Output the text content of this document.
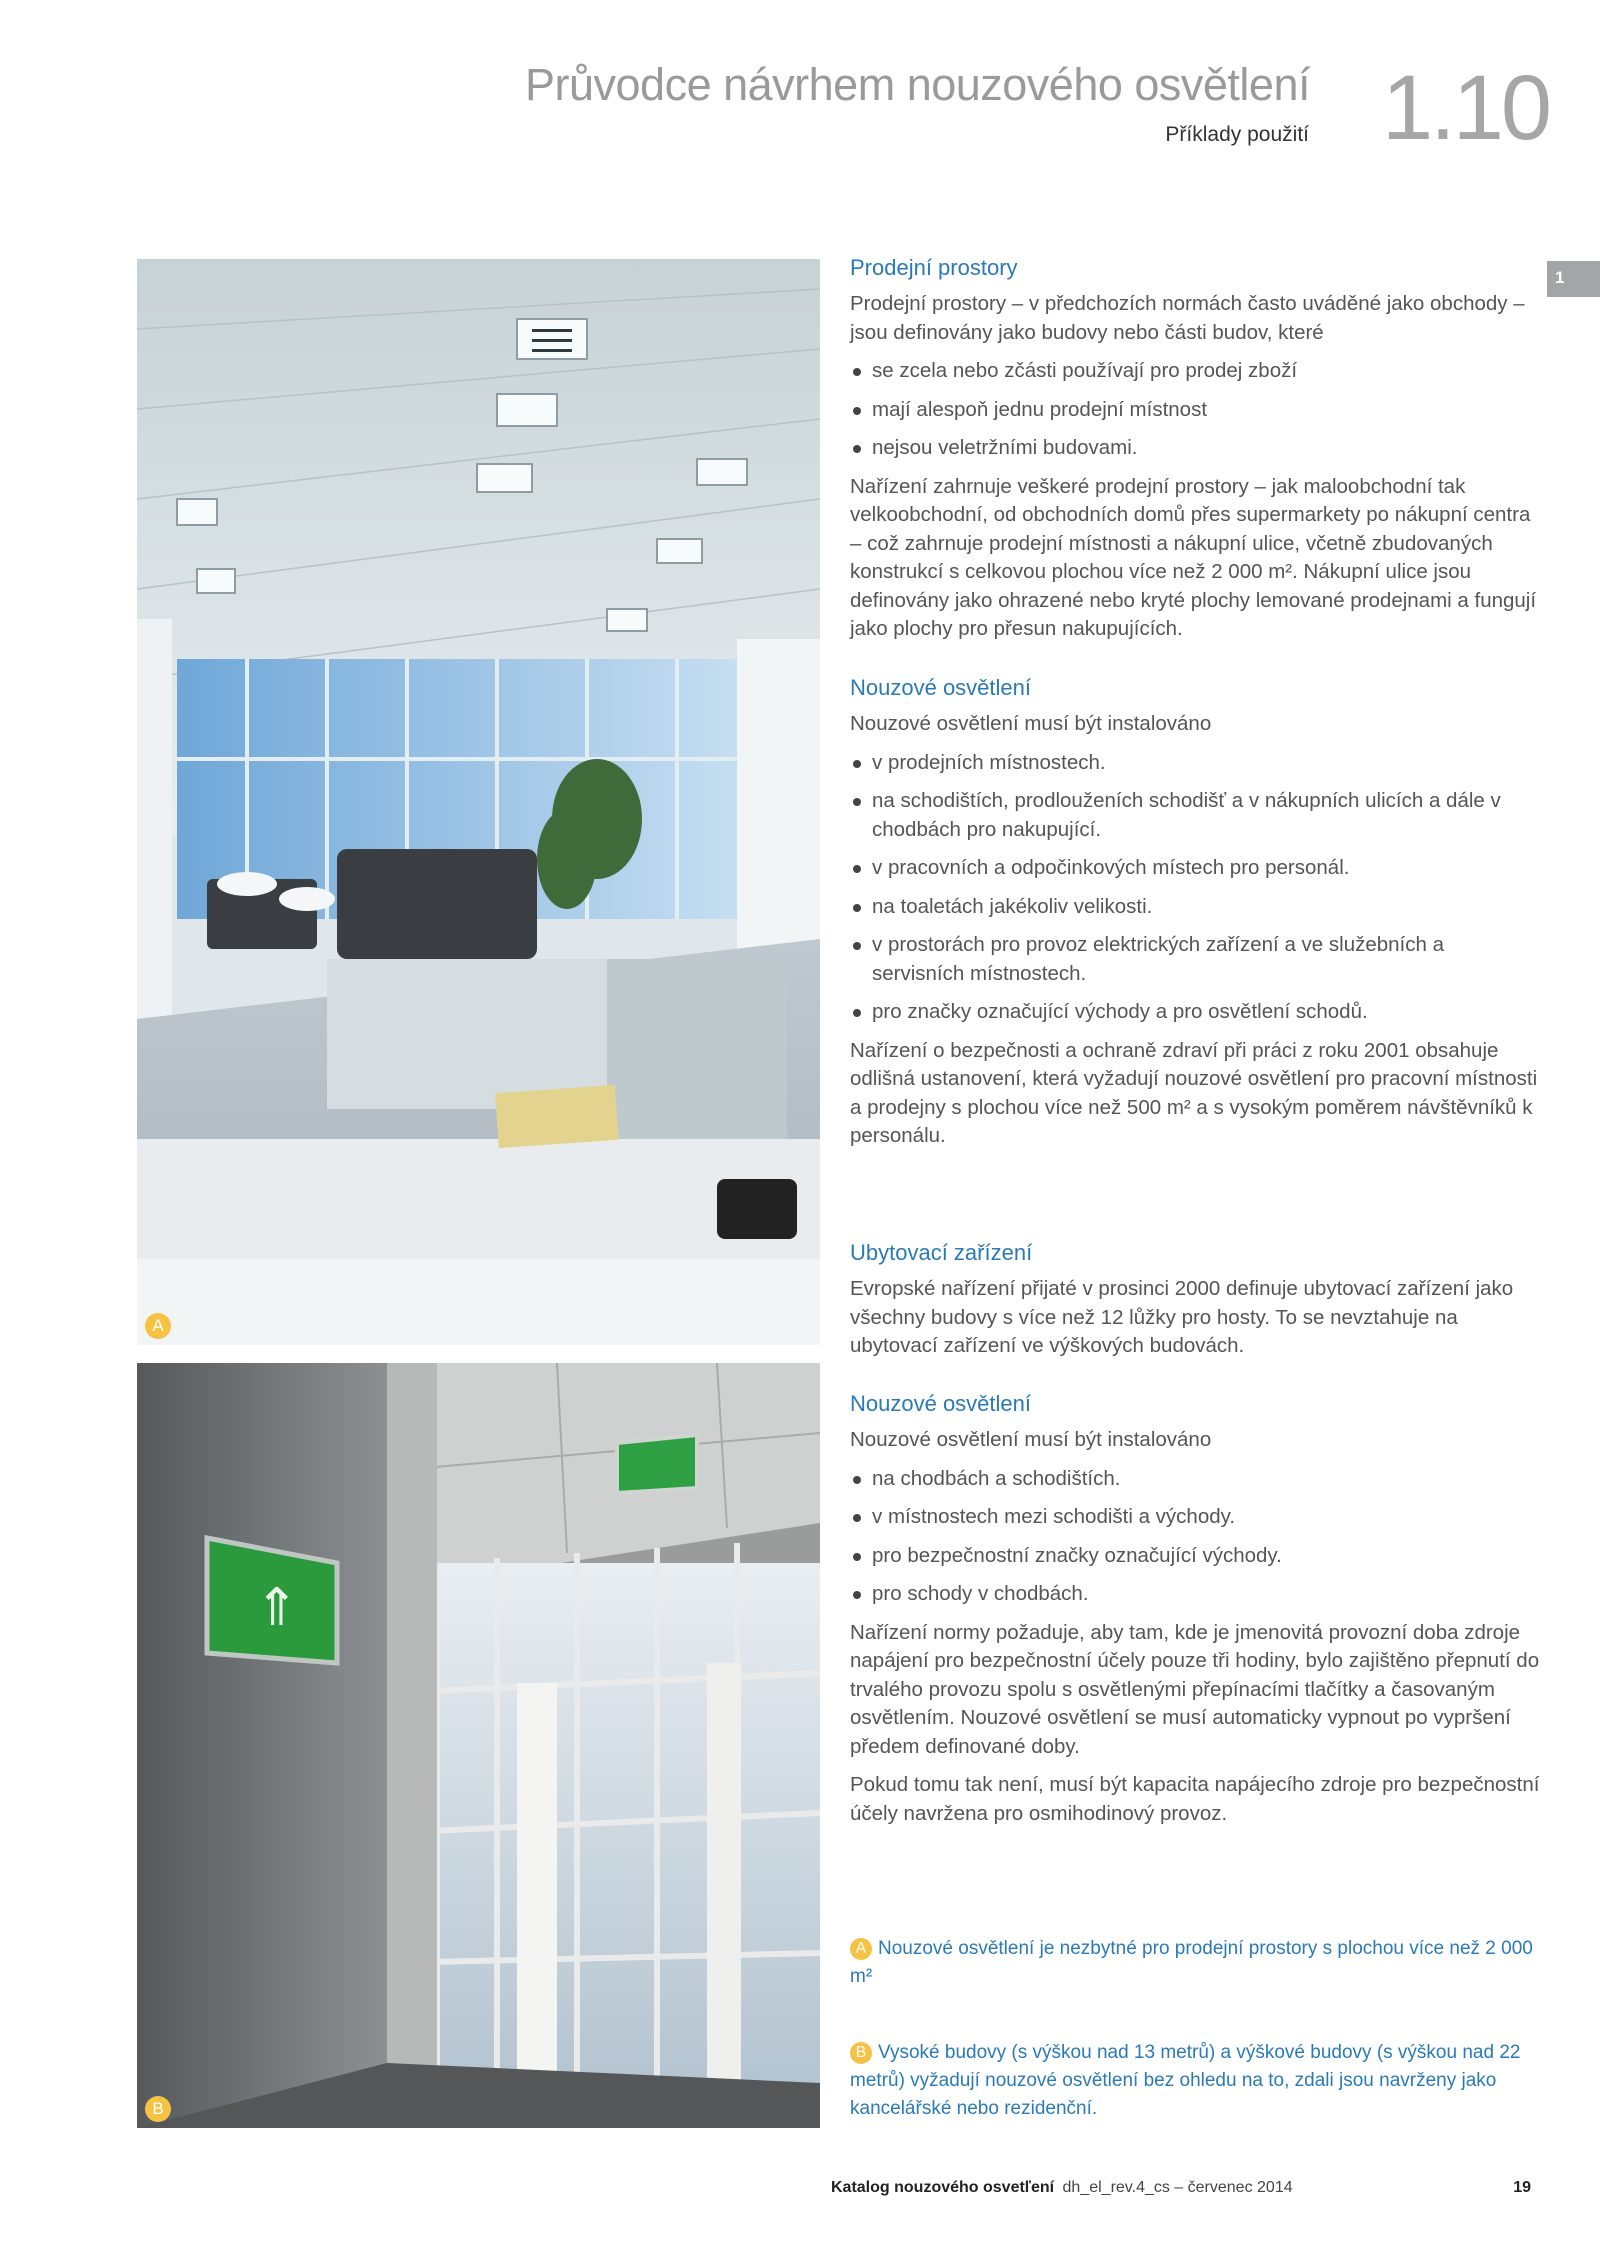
Průvodce návrhem nouzového osvětlení
Příklady použití 1.10
1
A
⇑
B
Prodejní prostory

Prodejní prostory – v předchozích normách často uváděné jako obchody – jsou definovány jako budovy nebo části budov, které

se zcela nebo zčásti používají pro prodej zboží
mají alespoň jednu prodejní místnost
nejsou veletržními budovami.

Nařízení zahrnuje veškeré prodejní prostory – jak maloobchodní tak velkoobchodní, od obchodních domů přes supermarkety po nákupní centra – což zahrnuje prodejní místnosti a nákupní ulice, včetně zbudovaných konstrukcí s celkovou plochou více než 2 000 m². Nákupní ulice jsou definovány jako ohrazené nebo kryté plochy lemované prodejnami a fungují jako plochy pro přesun nakupujících.

Nouzové osvětlení

Nouzové osvětlení musí být instalováno

v prodejních místnostech.
na schodištích, prodlouženích schodišť a v nákupních ulicích a dále v chodbách pro nakupující.
v pracovních a odpočinkových místech pro personál.
na toaletách jakékoliv velikosti.
v prostorách pro provoz elektrických zařízení a ve služebních a servisních místnostech.
pro značky označující východy a pro osvětlení schodů.

Nařízení o bezpečnosti a ochraně zdraví při práci z roku 2001 obsahuje odlišná ustanovení, která vyžadují nouzové osvětlení pro pracovní místnosti a prodejny s plochou více než 500 m² a s vysokým poměrem návštěvníků k personálu.

Ubytovací zařízení

Evropské nařízení přijaté v prosinci 2000 definuje ubytovací zařízení jako všechny budovy s více než 12 lůžky pro hosty. To se nevztahuje na ubytovací zařízení ve výškových budovách.

Nouzové osvětlení

Nouzové osvětlení musí být instalováno

na chodbách a schodištích.
v místnostech mezi schodišti a východy.
pro bezpečnostní značky označující východy.
pro schody v chodbách.

Nařízení normy požaduje, aby tam, kde je jmenovitá provozní doba zdroje napájení pro bezpečnostní účely pouze tři hodiny, bylo zajištěno přepnutí do trvalého provozu spolu s osvětlenými přepínacími tlačítky a časovaným osvětlením. Nouzové osvětlení se musí automaticky vypnout po vypršení předem definované doby.

Pokud tomu tak není, musí být kapacita napájecího zdroje pro bezpečnostní účely navržena pro osmihodinový provoz.

A Nouzové osvětlení je nezbytné pro prodejní prostory s plochou více než 2 000 m²
B Vysoké budovy (s výškou nad 13 metrů) a výškové budovy (s výškou nad 22 metrů) vyžadují nouzové osvětlení bez ohledu na to, zdali jsou navrženy jako kancelářské nebo rezidenční.
Katalog nouzového osvetľení dh_el_rev.4_cs – červenec 2014	19
